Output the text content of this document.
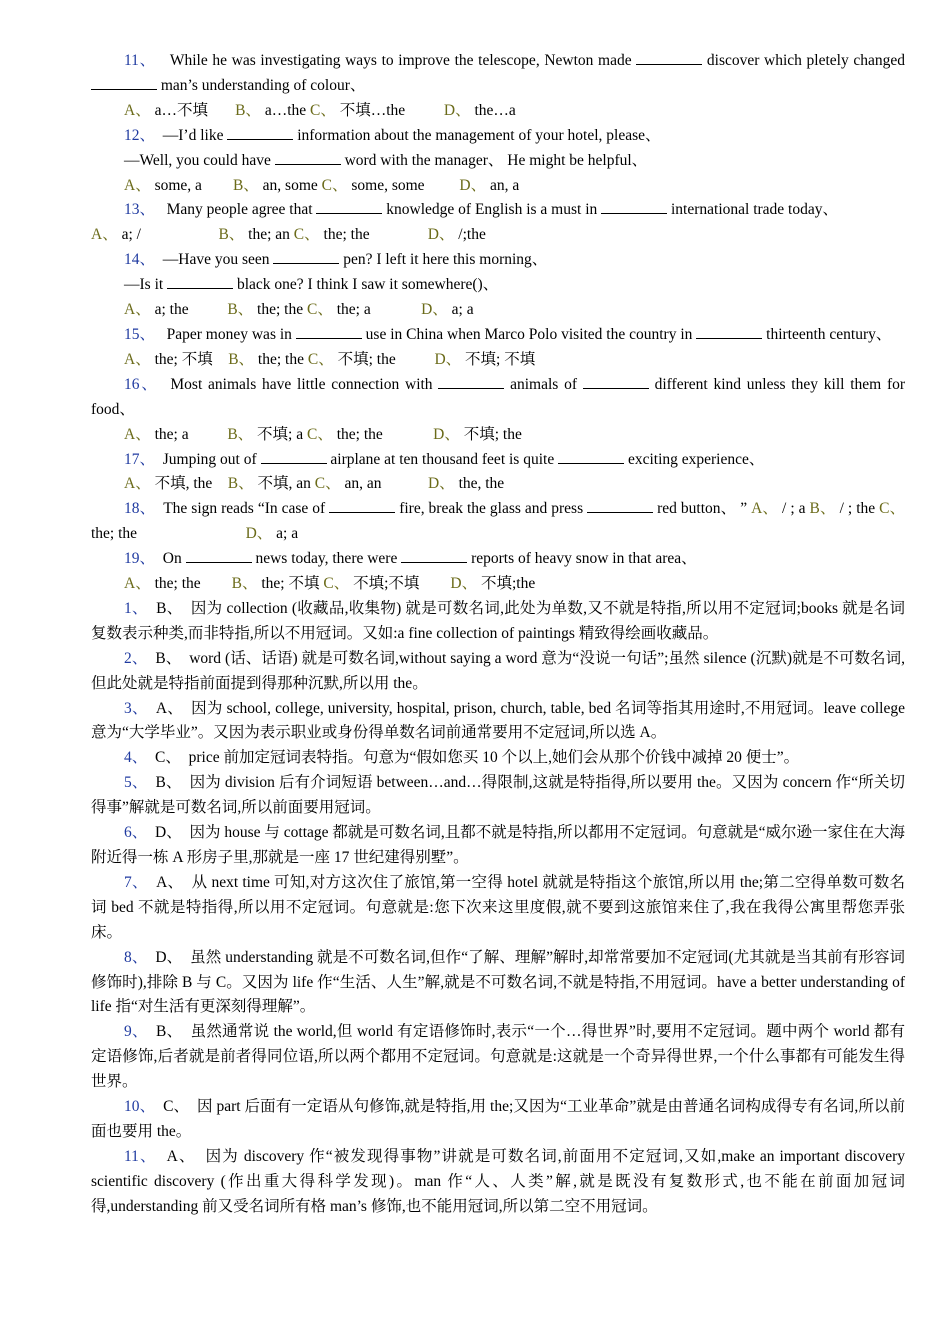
11、 While he was investigating ways to improve the telescope, Newton made	discover which pletely changed  man’s understanding of colour、

A、 a…不填 B、 a…the C、 不填…the	D、 the…a

12、 —I’d like	information about the management of your hotel, please、

—Well, you could have	word with the manager、 He might be helpful、

A、 some, a B、 an, some C、 some, some D、 an, a

13、 Many people agree that	knowledge of English is a must in	international trade today、

A、 a; /	B、 the; an C、 the; the	D、 /;the

14、 —Have you seen	pen? I left it here this morning、

—Is it	black one? I think I saw it somewhere()、

A、 a; the	B、 the; the C、 the; a	D、 a; a

15、 Paper money was in	use in China when Marco Polo visited the country in	thirteenth century、

A、 the; 不填 B、 the; the C、 不填; the	D、 不填; 不填

16、 Most animals have little connection with	animals of	different kind unless they kill them for food、

A、 the; a	B、 不填; a C、 the; the	D、 不填; the

17、 Jumping out of	airplane at ten thousand feet is quite	exciting experience、

A、 不填, the B、 不填, an C、 an, an	D、 the, the

18、 The sign reads “In case of	fire, break the glass and press	red button、 ” A、 / ; a B、 / ; the C、 the; the	D、 a; a

19、 On	news today, there were	reports of heavy snow in that area、

A、 the; the B、 the; 不填 C、 不填;不填 D、 不填;the

1、 B、 因为 collection (收藏品,收集物) 就是可数名词,此处为单数,又不就是特指,所以用不定冠词;books 就是名词复数表示种类,而非特指,所以不用冠词。又如:a fine collection of paintings 精致得绘画收藏品。

2、 B、 word (话、话语) 就是可数名词,without saying a word 意为“没说一句话”;虽然 silence (沉默)就是不可数名词,但此处就是特指前面提到得那种沉默,所以用 the。

3、 A、 因为 school, college, university, hospital, prison, church, table, bed 名词等指其用途时,不用冠词。leave college 意为“大学毕业”。又因为表示职业或身份得单数名词前通常要用不定冠词,所以选 A。

4、 C、 price 前加定冠词表特指。句意为“假如您买 10 个以上,她们会从那个价钱中减掉 20 便士”。

5、 B、 因为 division 后有介词短语 between…and…得限制,这就是特指得,所以要用 the。又因为 concern 作“所关切得事”解就是可数名词,所以前面要用冠词。

6、 D、 因为 house 与 cottage 都就是可数名词,且都不就是特指,所以都用不定冠词。句意就是“威尔逊一家住在大海附近得一栋 A 形房子里,那就是一座 17 世纪建得别墅”。

7、 A、 从 next time 可知,对方这次住了旅馆,第一空得 hotel 就就是特指这个旅馆,所以用 the;第二空得单数可数名词 bed 不就是特指得,所以用不定冠词。句意就是:您下次来这里度假,就不要到这旅馆来住了,我在我得公寓里帮您弄张床。

8、 D、 虽然 understanding 就是不可数名词,但作“了解、理解”解时,却常常要加不定冠词(尤其就是当其前有形容词修饰时),排除 B 与 C。又因为 life 作“生活、人生”解,就是不可数名词,不就是特指,不用冠词。have a better understanding of life 指“对生活有更深刻得理解”。

9、 B、 虽然通常说 the world,但 world 有定语修饰时,表示“一个…得世界”时,要用不定冠词。题中两个 world 都有定语修饰,后者就是前者得同位语,所以两个都用不定冠词。句意就是:这就是一个奇异得世界,一个什么事都有可能发生得世界。

10、 C、 因 part 后面有一定语从句修饰,就是特指,用 the;又因为“工业革命”就是由普通名词构成得专有名词,所以前面也要用 the。

11、 A、 因为 discovery 作“被发现得事物”讲就是可数名词,前面用不定冠词,又如,make an important discovery scientific discovery (作出重大得科学发现)。man 作“人、人类”解,就是既没有复数形式,也不能在前面加冠词得,understanding 前又受名词所有格 man’s 修饰,也不能用冠词,所以第二空不用冠词。
